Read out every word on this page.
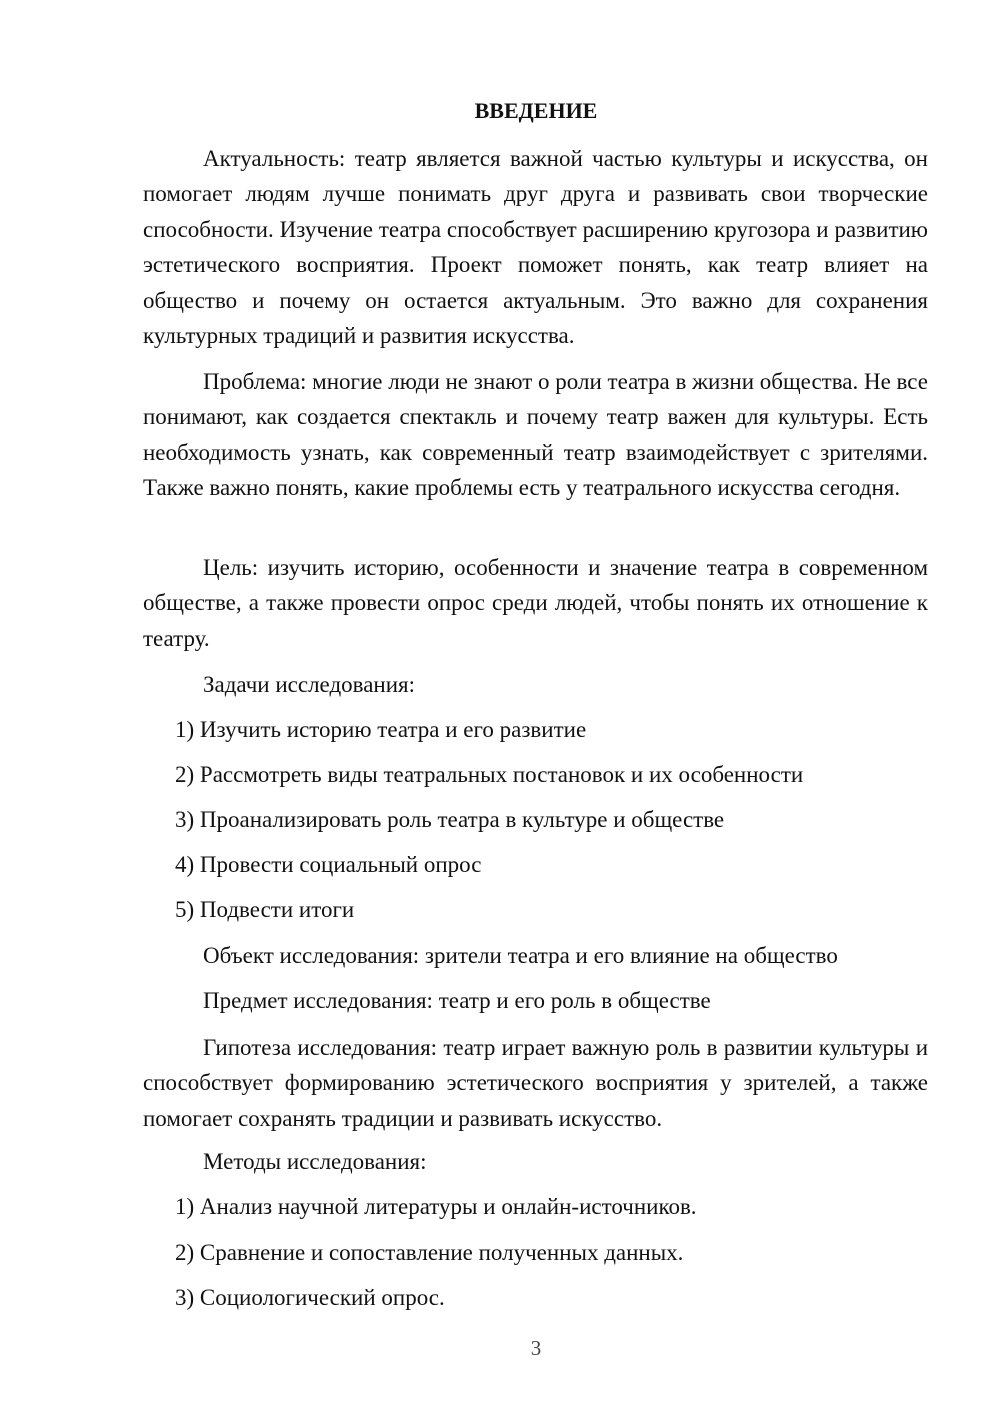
ВВЕДЕНИЕ

Актуальность: театр является важной частью культуры и искусства, он помогает людям лучше понимать друг друга и развивать свои творческие способности. Изучение театра способствует расширению кругозора и развитию эстетического восприятия. Проект поможет понять, как театр влияет на общество и почему он остается актуальным. Это важно для сохранения культурных традиций и развития искусства.

Проблема: многие люди не знают о роли театра в жизни общества. Не все понимают, как создается спектакль и почему театр важен для культуры. Есть необходимость узнать, как современный театр взаимодействует с зрителями. Также важно понять, какие проблемы есть у театрального искусства сегодня.

Цель: изучить историю, особенности и значение театра в современном обществе, а также провести опрос среди людей, чтобы понять их отношение к театру.

Задачи исследования:
1) Изучить историю театра и его развитие
2) Рассмотреть виды театральных постановок и их особенности
3) Проанализировать роль театра в культуре и обществе
4) Провести социальный опрос
5) Подвести итоги
Объект исследования: зрители театра и его влияние на общество
Предмет исследования: театр и его роль в обществе

Гипотеза исследования: театр играет важную роль в развитии культуры и способствует формированию эстетического восприятия у зрителей, а также помогает сохранять традиции и развивать искусство.

Методы исследования:
1) Анализ научной литературы и онлайн-источников.
2) Сравнение и сопоставление полученных данных.
3) Социологический опрос.
3
